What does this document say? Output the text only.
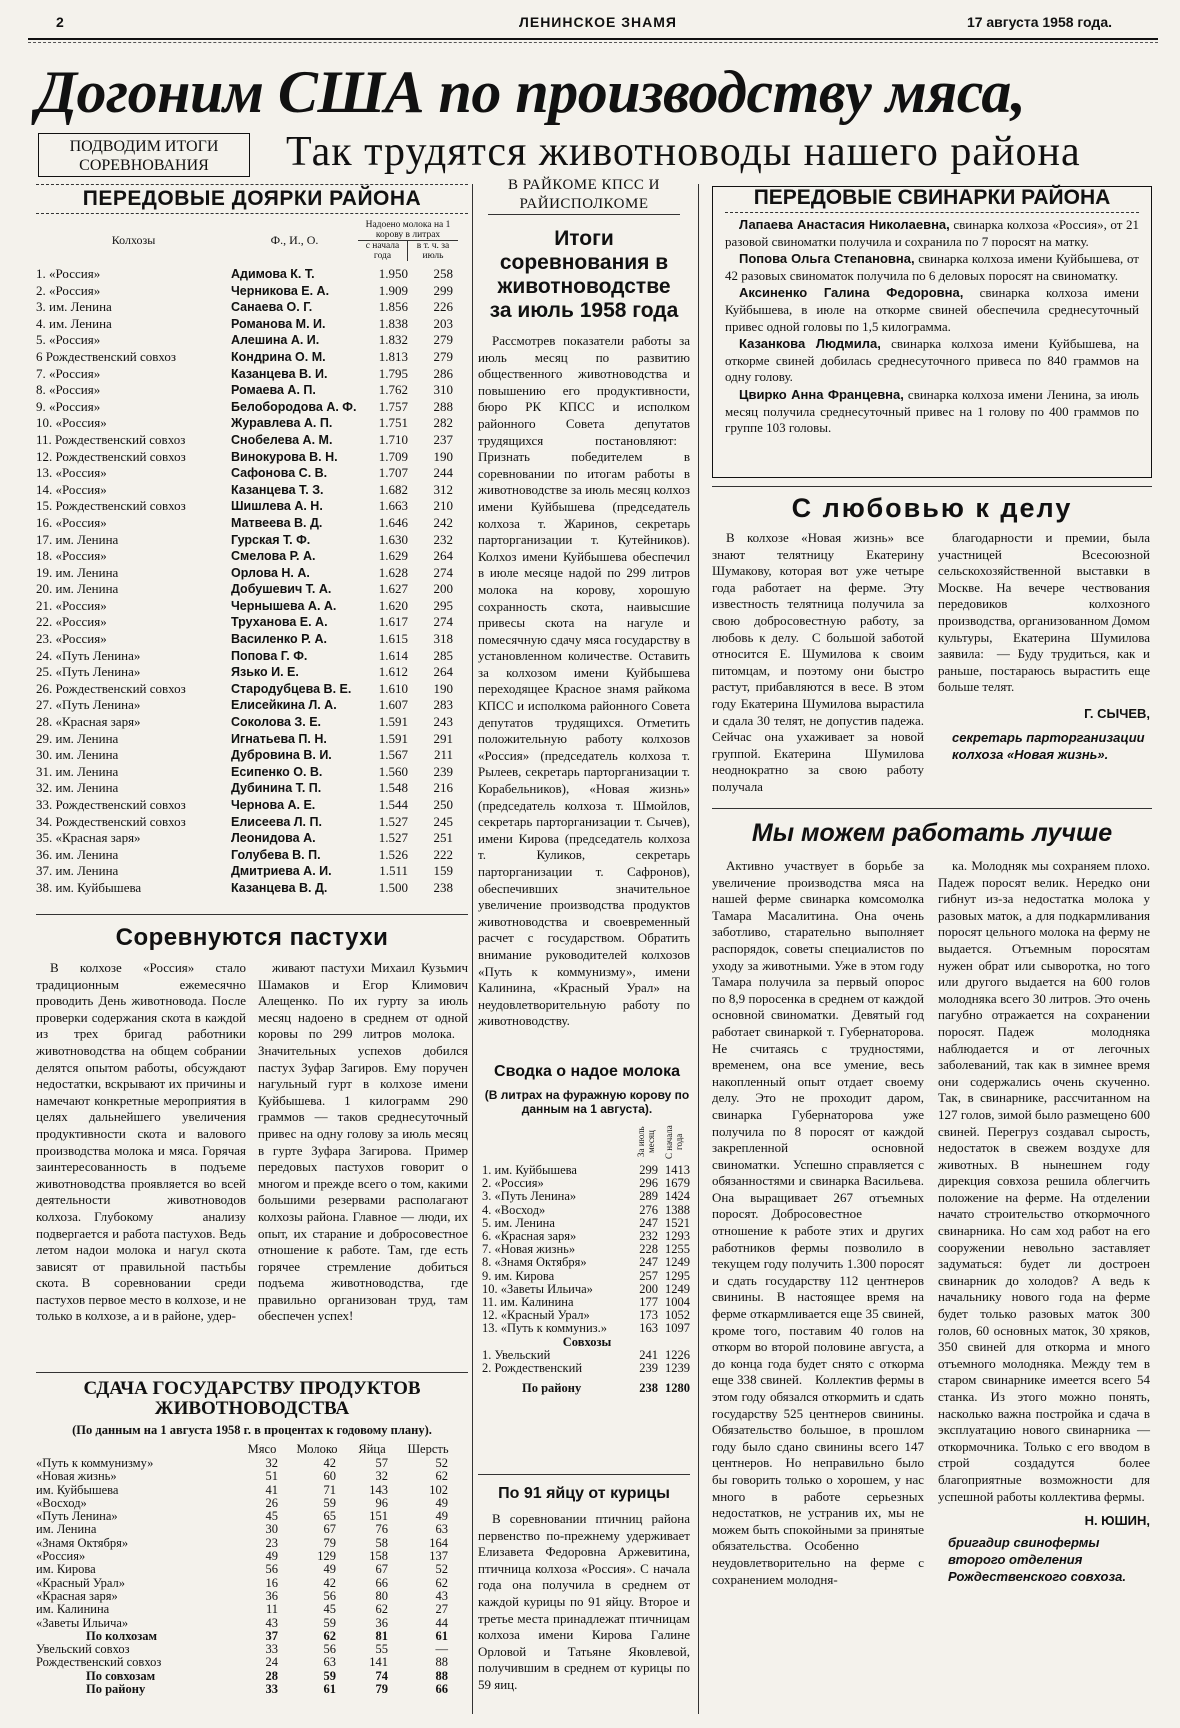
2	ЛЕНИНСКОЕ ЗНАМЯ	17 августа 1958 года.
Догоним США по производству мяса,
ПОДВОДИМ ИТОГИ
СОРЕВНОВАНИЯ	Так трудятся животноводы нашего района
ПЕРЕДОВЫЕ ДОЯРКИ РАЙОНА
Колхозы	Ф., И., О.
Надоено молока на 1 корову в литрах
с начала года
в т. ч. за июль
1. «Россия»	Адимова К. Т.	1.950	258
2. «Россия»	Черникова Е. А.	1.909	299
3. им. Ленина	Санаева О. Г.	1.856	226
4. им. Ленина	Романова М. И.	1.838	203
5. «Россия»	Алешина А. И.	1.832	279
6 Рождественский совхоз	Кондрина О. М.	1.813	279
7. «Россия»	Казанцева В. И.	1.795	286
8. «Россия»	Ромаева А. П.	1.762	310
9. «Россия»	Белобородова А. Ф.	1.757	288
10. «Россия»	Журавлева А. П.	1.751	282
11. Рождественский совхоз	Снобелева А. М.	1.710	237
12. Рождественский совхоз	Винокурова В. Н.	1.709	190
13. «Россия»	Сафонова С. В.	1.707	244
14. «Россия»	Казанцева Т. З.	1.682	312
15. Рождественский совхоз	Шишлева А. Н.	1.663	210
16. «Россия»	Матвеева В. Д.	1.646	242
17. им. Ленина	Гурская Т. Ф.	1.630	232
18. «Россия»	Смелова Р. А.	1.629	264
19. им. Ленина	Орлова Н. А.	1.628	274
20. им. Ленина	Добушевич Т. А.	1.627	200
21. «Россия»	Чернышева А. А.	1.620	295
22. «Россия»	Труханова Е. А.	1.617	274
23. «Россия»	Василенко Р. А.	1.615	318
24. «Путь Ленина»	Попова Г. Ф.	1.614	285
25. «Путь Ленина»	Язько И. Е.	1.612	264
26. Рождественский совхоз	Стародубцева В. Е.	1.610	190
27. «Путь Ленина»	Елисейкина Л. А.	1.607	283
28. «Красная заря»	Соколова З. Е.	1.591	243
29. им. Ленина	Игнатьева П. Н.	1.591	291
30. им. Ленина	Дубровина В. И.	1.567	211
31. им. Ленина	Есипенко О. В.	1.560	239
32. им. Ленина	Дубинина Т. П.	1.548	216
33. Рождественский совхоз	Чернова А. Е.	1.544	250
34. Рождественский совхоз	Елисеева Л. П.	1.527	245
35. «Красная заря»	Леонидова А.	1.527	251
36. им. Ленина	Голубева В. П.	1.526	222
37. им. Ленина	Дмитриева А. И.	1.511	159
38. им. Куйбышева	Казанцева В. Д.	1.500	238
В РАЙКОМЕ КПСС И РАЙИСПОЛКОМЕ
Итоги соревнования в животноводстве за июль 1958 года
Рассмотрев показатели работы за июль месяц по развитию общественного животноводства и повышению его продуктивности, бюро РК КПСС и исполком районного Совета депутатов трудящихся постановляют: Признать победителем в соревновании по итогам работы в животноводстве за июль месяц колхоз имени Куйбышева (председатель колхоза т. Жаринов, секретарь партоpганизации т. Кутейников). Колхоз имени Куйбышева обеспечил в июле месяце надой по 299 литров молока на корову, хорошую сохранность скота, наивысшие привесы скота на нагуле и помесячную сдачу мяса государству в установленном количестве. Оставить за колхозом имени Куйбышева переходящее Красное знамя райкома КПСС и исполкома районного Совета депутатов трудящихся. Отметить положительную работу колхозов «Россия» (председатель колхоза т. Рылеев, секретарь партоpганизации т. Корабельников), «Новая жизнь» (председатель колхоза т. Шмойлов, секретарь партоpганизации т. Сычев), имени Кирова (председатель колхоза т. Куликов, секретарь партоpганизации т. Сафронов), обеспечивших значительное увеличение производства продуктов животноводства и своевременный расчет с государством. Обратить внимание руководителей колхозов «Путь к коммунизму», имени Калинина, «Красный Урал» на неудовлетворительную работу по животноводству.
Сводка о надое молока
(В литрах на фуражную корову по данным на 1 августа).
За июль месяц С начала года
1. им. Куйбышева	299 1413
2. «Россия»	296 1679
3. «Путь Ленина»	289 1424
4. «Восход»	276 1388
5. им. Ленина	247 1521
6. «Красная заря»	232 1293
7. «Новая жизнь»	228 1255
8. «Знамя Октября»	247 1249
9. им. Кирова	257 1295
10. «Заветы Ильича»	200 1249
11. им. Калинина	177 1004
12. «Красный Урал»	173 1052
13. «Путь к коммуниз.»	163 1097
Совхозы
1. Увельский	241 1226
2. Рождественский	239 1239
По району	238 1280
По 91 яйцу от курицы
В соревновании птичниц района первенство по-прежнему удерживает Елизавета Федоровна Аржевитина, птичница колхоза «Россия». С начала года она получила в среднем от каждой курицы по 91 яйцу. Второе и третье места принадлежат птичницам колхоза имени Кирова Галине Орловой и Татьяне Яковлевой, получившим в среднем от курицы по 59 яиц.
Соревнуются пастухи
В колхозе «Россия» стало традиционным ежемесячно проводить День животновода. После проверки содержания скота в каждой из трех бригад работники животноводства на общем собрании делятся опытом работы, обсуждают недостатки, вскрывают их причины и намечают конкретные мероприятия в целях дальнейшего увеличения продуктивности скота и валового производства молока и мяса. Горячая заинтересованность в подъеме животноводства проявляется во всей деятельности животноводов колхоза. Глубокому анализу подвергается и работа пастухов. Ведь летом надои молока и нагул скота зависят от правильной пастьбы скота. В соревновании среди пастухов первое место в колхозе, и не только в колхозе, а и в районе, удер-
живают пастухи Михаил Кузьмич Шамаков и Егор Климович Алещенко. По их гурту за июль месяц надоено в среднем от одной коровы по 299 литров молока. Значительных успехов добился пастух Зуфар Загиров. Ему поручен нагульный гурт в колхозе имени Куйбышева. 1 килограмм 290 граммов — таков среднесуточный привес на одну голову за июль месяц в гурте Зуфара Загирова. Пример передовых пастухов говорит о многом и прежде всего о том, какими большими резервами располагают колхозы района. Главное — люди, их опыт, их старание и добросовестное отношение к работе. Там, где есть горячее стремление добиться подъема животноводства, где правильно организован труд, там обеспечен успех!
СДАЧА ГОСУДАРСТВУ ПРОДУКТОВ ЖИВОТНОВОДСТВА
(По данным на 1 августа 1958 г. в процентах к годовому плану).
Мясо	Молоко	Яйца	Шерсть
«Путь к коммунизму»	32	42	57	52
«Новая жизнь»	51	60	32	62
им. Куйбышева	41	71	143	102
«Восход»	26	59	96	49
«Путь Ленина»	45	65	151	49
им. Ленина	30	67	76	63
«Знамя Октября»	23	79	58	164
«Россия»	49	129	158	137
им. Кирова	56	49	67	52
«Красный Урал»	16	42	66	62
«Красная заря»	36	56	80	43
им. Калинина	11	45	62	27
«Заветы Ильича»	43	59	36	44
По колхозам	37	62	81	61
Увельский совхоз	33	56	55	—
Рождественский совхоз	24	63	141	88
По совхозам	28	59	74	88
По району	33	61	79	66
ПЕРЕДОВЫЕ СВИНАРКИ РАЙОНА
Лапаева Анастасия Николаевна, свинарка колхоза «Россия», от 21 разовой свиноматки получила и сохранила по 7 поросят на матку.
Попова Ольга Степановна, свинарка колхоза имени Куйбышева, от 42 разовых свиноматок получила по 6 деловых поросят на свиноматку.
Аксиненко Галина Федоровна, свинарка колхоза имени Куйбышева, в июле на откорме свиней обеспечила среднесуточный привес одной головы по 1,5 килограмма.
Казанкова Людмила, свинарка колхоза имени Куйбышева, на откорме свиней добилась среднесуточного привеса по 840 граммов на одну голову.
Цвирко Анна Францевна, свинарка колхоза имени Ленина, за июль месяц получила среднесуточный привес на 1 голову по 400 граммов по группе 103 головы.
С любовью к делу
В колхозе «Новая жизнь» все знают телятницу Екатерину Шумакову, которая вот уже четыре года работает на ферме. Эту известность телятница получила за свою добросовестную работу, за любовь к делу. С большой заботой относится Е. Шумилова к своим питомцам, и поэтому они быстро растут, прибавляются в весе. В этом году Екатерина Шумилова вырастила и сдала 30 телят, не допустив падежа. Сейчас она ухаживает за новой группой. Екатерина Шумилова неоднократно за свою работу получала
благодарности и премии, была участницей Всесоюзной сельскохозяйственной выставки в Москве. На вечере чествования передовиков колхозного производства, организованном Домом культуры, Екатерина Шумилова заявила: — Буду трудиться, как и раньше, постараюсь вырастить еще больше телят.
Г. СЫЧЕВ,
секретарь партоpганизации колхоза «Новая жизнь».
Мы можем работать лучше
Активно участвует в борьбе за увеличение производства мяса на нашей ферме свинарка комсомолка Тамара Масалитина. Она очень заботливо, старательно выполняет распорядок, советы специалистов по уходу за животными. Уже в этом году Тамара получила за первый опорос по 8,9 поросенка в среднем от каждой основной свиноматки. Девятый год работает свинаркой т. Губернаторова. Не считаясь с трудностями, временем, она все умение, весь накопленный опыт отдает своему делу. Это не проходит даром, свинарка Губернаторова уже получила по 8 поросят от каждой закрепленной основной свиноматки. Успешно справляется с обязанностями и свинарка Васильева. Она выращивает 267 отъемных поросят. Добросовестное отношение к работе этих и других работников фермы позволило в текущем году получить 1.300 поросят и сдать государству 112 центнеров свинины. В настоящее время на ферме откармливается еще 35 свиней, кроме того, поставим 40 голов на откорм во второй половине августа, а до конца года будет снято с откорма еще 338 свиней. Коллектив фермы в этом году обязался откормить и сдать государству 525 центнеров свинины. Обязательство большое, в прошлом году было сдано свинины всего 147 центнеров. Но неправильно было бы говорить только о хорошем, у нас много в работе серьезных недостатков, не устранив их, мы не можем быть спокойными за принятые обязательства. Особенно неудовлетворительно на ферме с сохранением молодня-
ка. Молодняк мы сохраняем плохо. Падеж поросят велик. Нередко они гибнут из-за недостатка молока у разовых маток, а для подкармливания поросят цельного молока на ферму не выдается. Отъемным поросятам нужен обрат или сыворотка, но того или другого выдается на 600 голов молодняка всего 30 литров. Это очень пагубно отражается на сохранении поросят. Падеж молодняка наблюдается и от легочных заболеваний, так как в зимнее время они содержались очень скученно. Так, в свинарнике, рассчитанном на 127 голов, зимой было размещено 600 свиней. Перегруз создавал сырость, недостаток в свежем воздухе для животных. В нынешнем году дирекция совхоза решила облегчить положение на ферме. На отделении начато строительство откормочного свинарника. Но сам ход работ на его сооружении невольно заставляет задуматься: будет ли достроен свинарник до холодов? А ведь к начальнику нового года на ферме будет только разовых маток 300 голов, 60 основных маток, 30 хряков, 350 свиней для откорма и много отъемного молодняка. Между тем в старом свинарнике имеется всего 54 станка. Из этого можно понять, насколько важна постройка и сдача в эксплуатацию нового свинарника — откормочника. Только с его вводом в строй создадутся более благоприятные возможности для успешной работы коллектива фермы.
Н. ЮШИН,
бригадир свинофермы второго отделения Рождественского совхоза.
